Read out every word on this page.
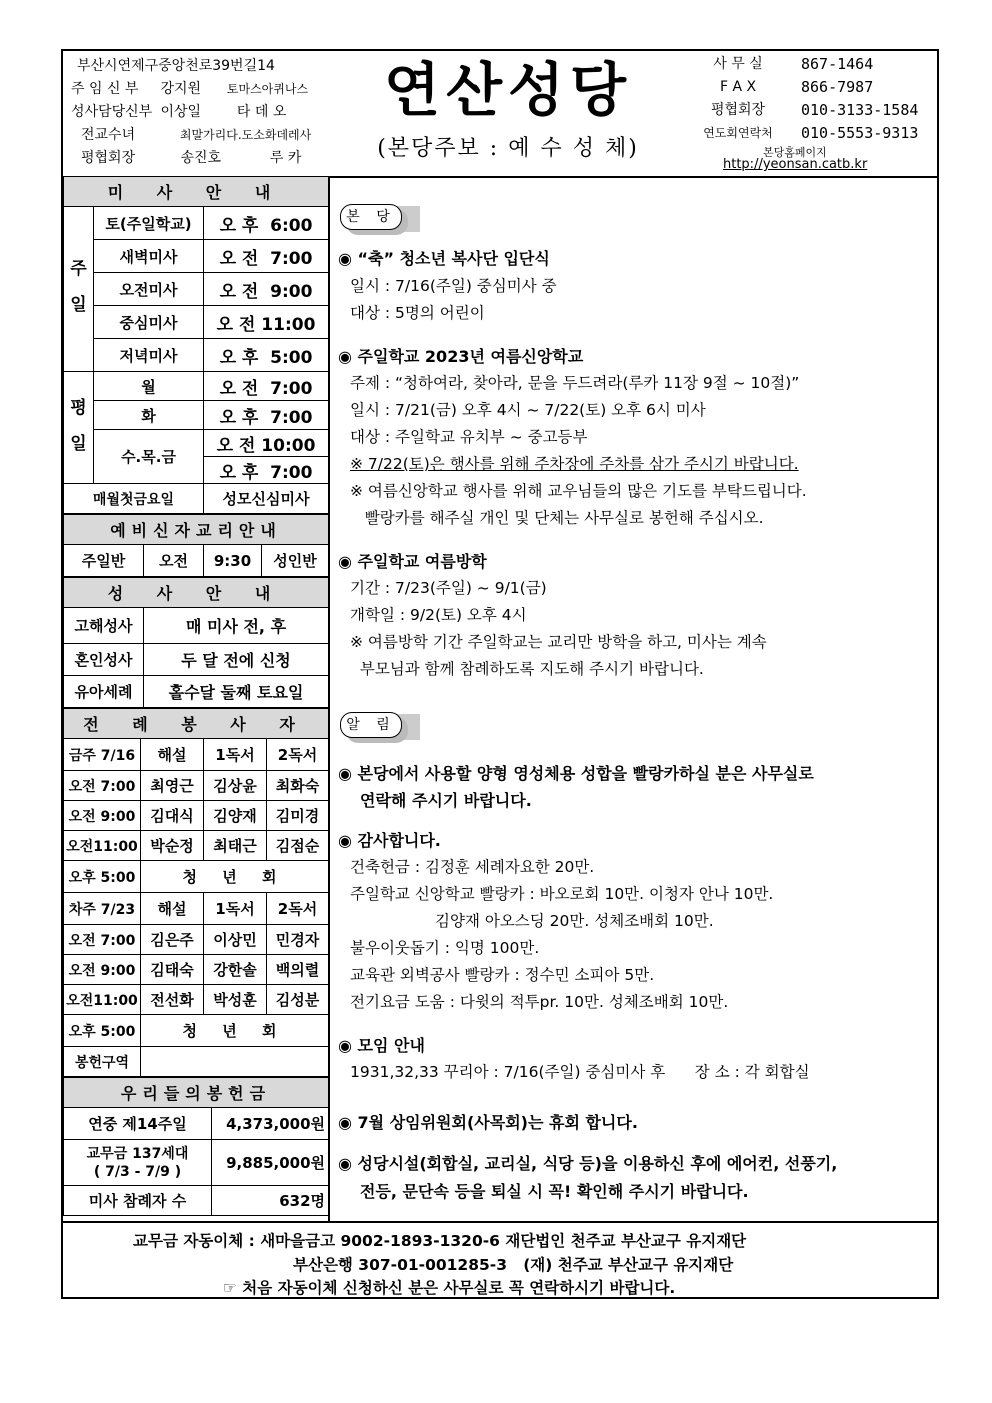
부산시연제구중앙천로39번길14
주 임 신 부 강지원 토마스아퀴나스
성사담당신부 이상일	타 데 오
전교수녀	최말가리다.도소화데레사
평협회장	송진호	루 카
연산성당
(본당주보 : 예 수 성 체)
사 무 실	867-1464
F A X	866-7987
평협회장	010-3133-1584
연도회연락처	010-5553-9313
본당홈페이지
http://yeonsan.catb.kr
미 사 안 내		
주

일	토(주일학교)	오 후  6:00
	새벽미사	오 전  7:00
	오전미사	오 전  9:00
	중심미사	오 전 11:00
	저녁미사	오 후  5:00
평

일	월	오 전  7:00
	화	오 후  7:00
	수.목.금	오 전 10:00
		오 후  7:00
매월첫금요일		성모신심미사
예비신자교리안내
주일반	오전	9:30	성인반
성 사 안 내	
고해성사	매 미사 전, 후
혼인성사	두 달 전에 신청
유아세례	홀수달 둘째 토요일
전 례 봉 사 자			
금주 7/16	해설	1독서	2독서
오전 7:00	최영근	김상윤	최화숙
오전 9:00	김대식	김양재	김미경
오전11:00	박순정	최태근	김점순
오후 5:00	청 년 회		
차주 7/23	해설	1독서	2독서
오전 7:00	김은주	이상민	민경자
오전 9:00	김태숙	강한솔	백의렬
오전11:00	전선화	박성훈	김성분
오후 5:00	청 년 회		
봉헌구역			
우리들의봉헌금	
연중 제14주일	4,373,000원

교무금 137세대
( 7/3 - 7/9 )	9,885,000원
미사 참례자 수	632명
본 당
◉ “축” 청소년 복사단 입단식
일시 : 7/16(주일) 중심미사 중
대상 : 5명의 어린이
◉ 주일학교 2023년 여름신앙학교
주제 : “청하여라, 찾아라, 문을 두드려라(루카 11장 9절 ~ 10절)”
일시 : 7/21(금) 오후 4시 ~ 7/22(토) 오후 6시 미사
대상 : 주일학교 유치부 ~ 중고등부
※ 7/22(토)은 행사를 위해 주차장에 주차를 삼가 주시기 바랍니다.
※ 여름신앙학교 행사를 위해 교우님들의 많은 기도를 부탁드립니다.
빨랑카를 해주실 개인 및 단체는 사무실로 봉헌해 주십시오.
◉ 주일학교 여름방학
기간 : 7/23(주일) ~ 9/1(금)
개학일 : 9/2(토) 오후 4시
※ 여름방학 기간 주일학교는 교리만 방학을 하고, 미사는 계속
부모님과 함께 참례하도록 지도해 주시기 바랍니다.
알 림
◉ 본당에서 사용할 양형 영성체용 성합을 빨랑카하실 분은 사무실로
연락해 주시기 바랍니다.
◉ 감사합니다.
건축헌금 : 김정훈 세례자요한 20만.
주일학교 신앙학교 빨랑카 : 바오로회 10만. 이청자 안나 10만.
김양재 아오스딩 20만. 성체조배회 10만.
불우이웃돕기 : 익명 100만.
교육관 외벽공사 빨랑카 : 정수민 소피아 5만.
전기요금 도움 : 다윗의 적투pr. 10만. 성체조배회 10만.
◉ 모임 안내
1931,32,33 꾸리아 : 7/16(주일) 중심미사 후      장 소 : 각 회합실
◉ 7월 상임위원회(사목회)는 휴회 합니다.
◉ 성당시설(회합실, 교리실, 식당 등)을 이용하신 후에 에어컨, 선풍기,
전등, 문단속 등을 퇴실 시 꼭! 확인해 주시기 바랍니다.
교무금 자동이체 : 새마을금고 9002-1893-1320-6 재단법인 천주교 부산교구 유지재단
부산은행 307-01-001285-3   (재) 천주교 부산교구 유지재단
☞ 처음 자동이체 신청하신 분은 사무실로 꼭 연락하시기 바랍니다.
